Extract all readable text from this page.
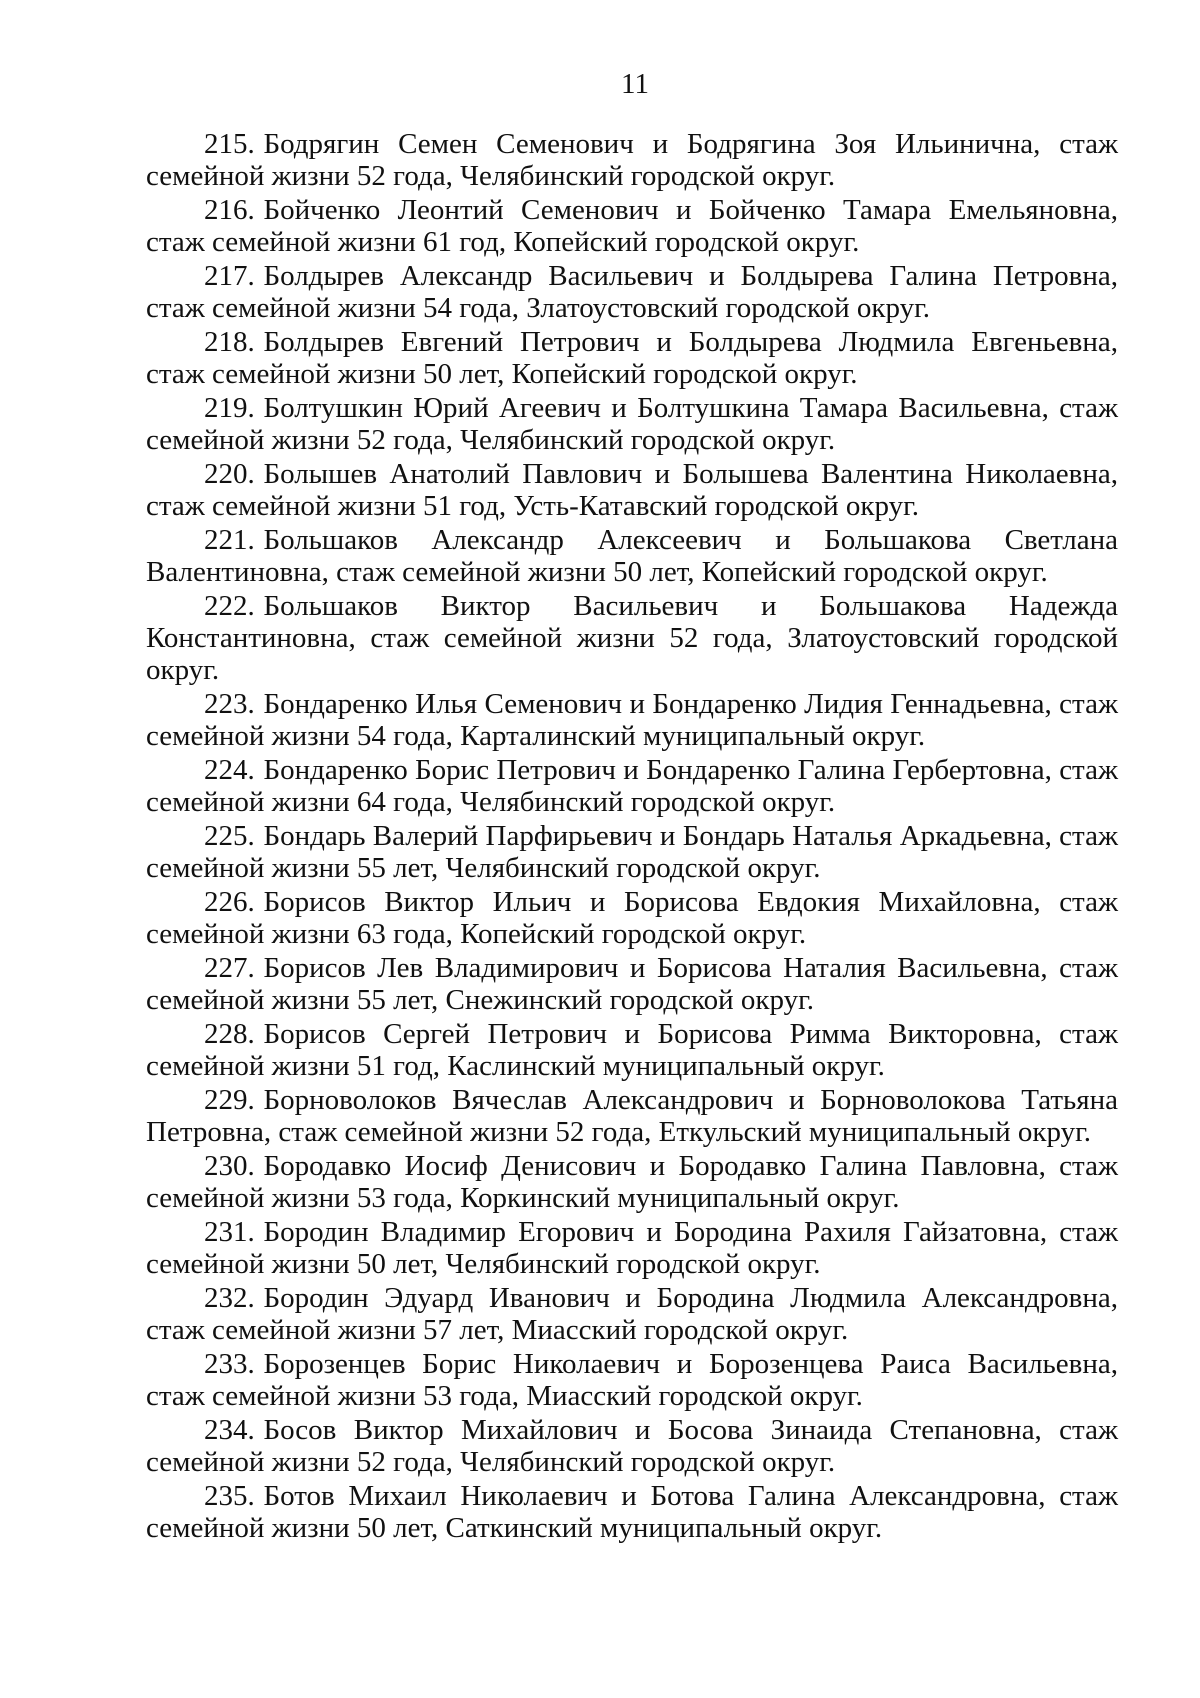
11

215. Бодрягин Семен Семенович и Бодрягина Зоя Ильинична, стаж семейной жизни 52 года, Челябинский городской округ.

216. Бойченко Леонтий Семенович и Бойченко Тамара Емельяновна, стаж семейной жизни 61 год, Копейский городской округ.

217. Болдырев Александр Васильевич и Болдырева Галина Петровна, стаж семейной жизни 54 года, Златоустовский городской округ.

218. Болдырев Евгений Петрович и Болдырева Людмила Евгеньевна, стаж семейной жизни 50 лет, Копейский городской округ.

219. Болтушкин Юрий Агеевич и Болтушкина Тамара Васильевна, стаж семейной жизни 52 года, Челябинский городской округ.

220. Болышев Анатолий Павлович и Болышева Валентина Николаевна, стаж семейной жизни 51 год, Усть-Катавский городской округ.

221. Большаков Александр Алексеевич и Большакова Светлана Валентиновна, стаж семейной жизни 50 лет, Копейский городской округ.

222. Большаков Виктор Васильевич и Большакова Надежда Константиновна, стаж семейной жизни 52 года, Златоустовский городской округ.

223. Бондаренко Илья Семенович и Бондаренко Лидия Геннадьевна, стаж семейной жизни 54 года, Карталинский муниципальный округ.

224. Бондаренко Борис Петрович и Бондаренко Галина Гербертовна, стаж семейной жизни 64 года, Челябинский городской округ.

225. Бондарь Валерий Парфирьевич и Бондарь Наталья Аркадьевна, стаж семейной жизни 55 лет, Челябинский городской округ.

226. Борисов Виктор Ильич и Борисова Евдокия Михайловна, стаж семейной жизни 63 года, Копейский городской округ.

227. Борисов Лев Владимирович и Борисова Наталия Васильевна, стаж семейной жизни 55 лет, Снежинский городской округ.

228. Борисов Сергей Петрович и Борисова Римма Викторовна, стаж семейной жизни 51 год, Каслинский муниципальный округ.

229. Борноволоков Вячеслав Александрович и Борноволокова Татьяна Петровна, стаж семейной жизни 52 года, Еткульский муниципальный округ.

230. Бородавко Иосиф Денисович и Бородавко Галина Павловна, стаж семейной жизни 53 года, Коркинский муниципальный округ.

231. Бородин Владимир Егорович и Бородина Рахиля Гайзатовна, стаж семейной жизни 50 лет, Челябинский городской округ.

232. Бородин Эдуард Иванович и Бородина Людмила Александровна, стаж семейной жизни 57 лет, Миасский городской округ.

233. Борозенцев Борис Николаевич и Борозенцева Раиса Васильевна, стаж семейной жизни 53 года, Миасский городской округ.

234. Босов Виктор Михайлович и Босова Зинаида Степановна, стаж семейной жизни 52 года, Челябинский городской округ.

235. Ботов Михаил Николаевич и Ботова Галина Александровна, стаж семейной жизни 50 лет, Саткинский муниципальный округ.
